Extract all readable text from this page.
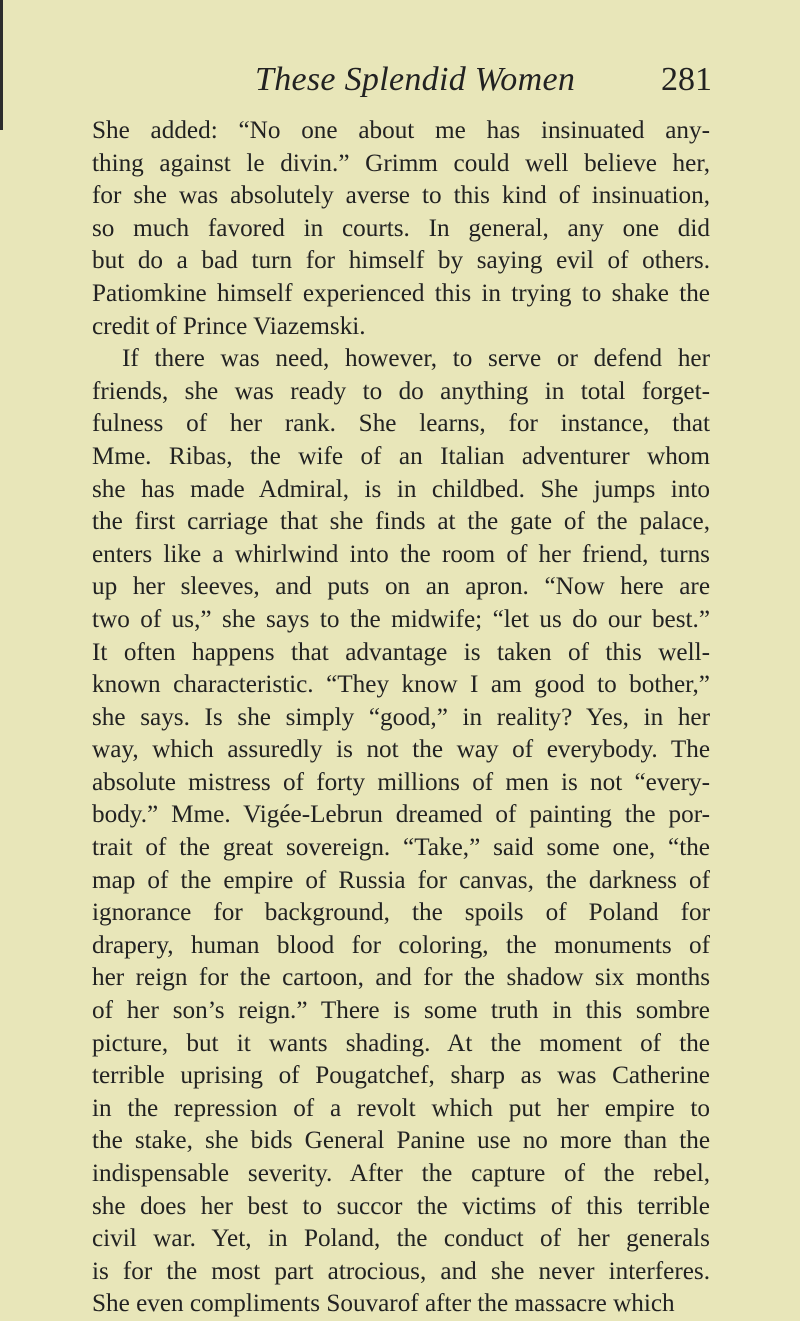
These Splendid Women	281
She added: “No one about me has insinuated any-
thing against le divin.” Grimm could well believe her,
for she was absolutely averse to this kind of insinuation,
so much favored in courts. In general, any one did
but do a bad turn for himself by saying evil of others.
Patiomkine himself experienced this in trying to shake the
credit of Prince Viazemski.
If there was need, however, to serve or defend her
friends, she was ready to do anything in total forget-
fulness of her rank. She learns, for instance, that
Mme. Ribas, the wife of an Italian adventurer whom
she has made Admiral, is in childbed. She jumps into
the first carriage that she finds at the gate of the palace,
enters like a whirlwind into the room of her friend, turns
up her sleeves, and puts on an apron. “Now here are
two of us,” she says to the midwife; “let us do our best.”
It often happens that advantage is taken of this well-
known characteristic. “They know I am good to bother,”
she says. Is she simply “good,” in reality? Yes, in her
way, which assuredly is not the way of everybody. The
absolute mistress of forty millions of men is not “every-
body.” Mme. Vigée-Lebrun dreamed of painting the por-
trait of the great sovereign. “Take,” said some one, “the
map of the empire of Russia for canvas, the darkness of
ignorance for background, the spoils of Poland for
drapery, human blood for coloring, the monuments of
her reign for the cartoon, and for the shadow six months
of her son’s reign.” There is some truth in this sombre
picture, but it wants shading. At the moment of the
terrible uprising of Pougatchef, sharp as was Catherine
in the repression of a revolt which put her empire to
the stake, she bids General Panine use no more than the
indispensable severity. After the capture of the rebel,
she does her best to succor the victims of this terrible
civil war. Yet, in Poland, the conduct of her generals
is for the most part atrocious, and she never interferes.
She even compliments Souvarof after the massacre which
